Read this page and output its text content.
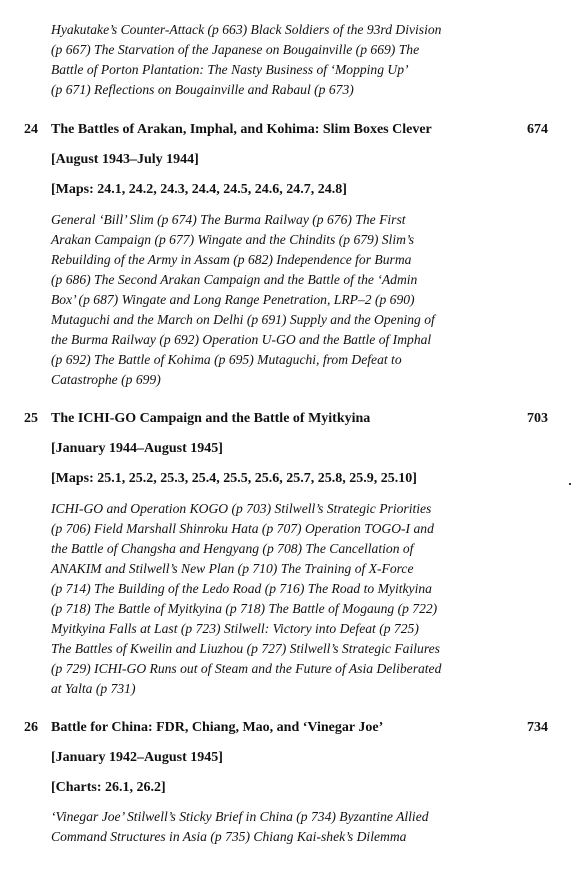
Hyakutake’s Counter-Attack (p 663) Black Soldiers of the 93rd Division
(p 667) The Starvation of the Japanese on Bougainville (p 669) The
Battle of Porton Plantation: The Nasty Business of ‘Mopping Up’
(p 671) Reflections on Bougainville and Rabaul (p 673)
24 The Battles of Arakan, Imphal, and Kohima: Slim Boxes Clever	674
[August 1943–July 1944]
[Maps: 24.1, 24.2, 24.3, 24.4, 24.5, 24.6, 24.7, 24.8]
General ‘Bill’ Slim (p 674) The Burma Railway (p 676) The First
Arakan Campaign (p 677) Wingate and the Chindits (p 679) Slim’s
Rebuilding of the Army in Assam (p 682) Independence for Burma
(p 686) The Second Arakan Campaign and the Battle of the ‘Admin
Box’ (p 687) Wingate and Long Range Penetration, LRP–2 (p 690)
Mutaguchi and the March on Delhi (p 691) Supply and the Opening of
the Burma Railway (p 692) Operation U-GO and the Battle of Imphal
(p 692) The Battle of Kohima (p 695) Mutaguchi, from Defeat to
Catastrophe (p 699)
25 The ICHI-GO Campaign and the Battle of Myitkyina	703
[January 1944–August 1945]
[Maps: 25.1, 25.2, 25.3, 25.4, 25.5, 25.6, 25.7, 25.8, 25.9, 25.10]
ICHI-GO and Operation KOGO (p 703) Stilwell’s Strategic Priorities
(p 706) Field Marshall Shinroku Hata (p 707) Operation TOGO-I and
the Battle of Changsha and Hengyang (p 708) The Cancellation of
ANAKIM and Stilwell’s New Plan (p 710) The Training of X-Force
(p 714) The Building of the Ledo Road (p 716) The Road to Myitkyina
(p 718) The Battle of Myitkyina (p 718) The Battle of Mogaung (p 722)
Myitkyina Falls at Last (p 723) Stilwell: Victory into Defeat (p 725)
The Battles of Kweilin and Liuzhou (p 727) Stilwell’s Strategic Failures
(p 729) ICHI-GO Runs out of Steam and the Future of Asia Deliberated
at Yalta (p 731)
26 Battle for China: FDR, Chiang, Mao, and ‘Vinegar Joe’	734
[January 1942–August 1945]
[Charts: 26.1, 26.2]
‘Vinegar Joe’ Stilwell’s Sticky Brief in China (p 734) Byzantine Allied
Command Structures in Asia (p 735) Chiang Kai-shek’s Dilemma
